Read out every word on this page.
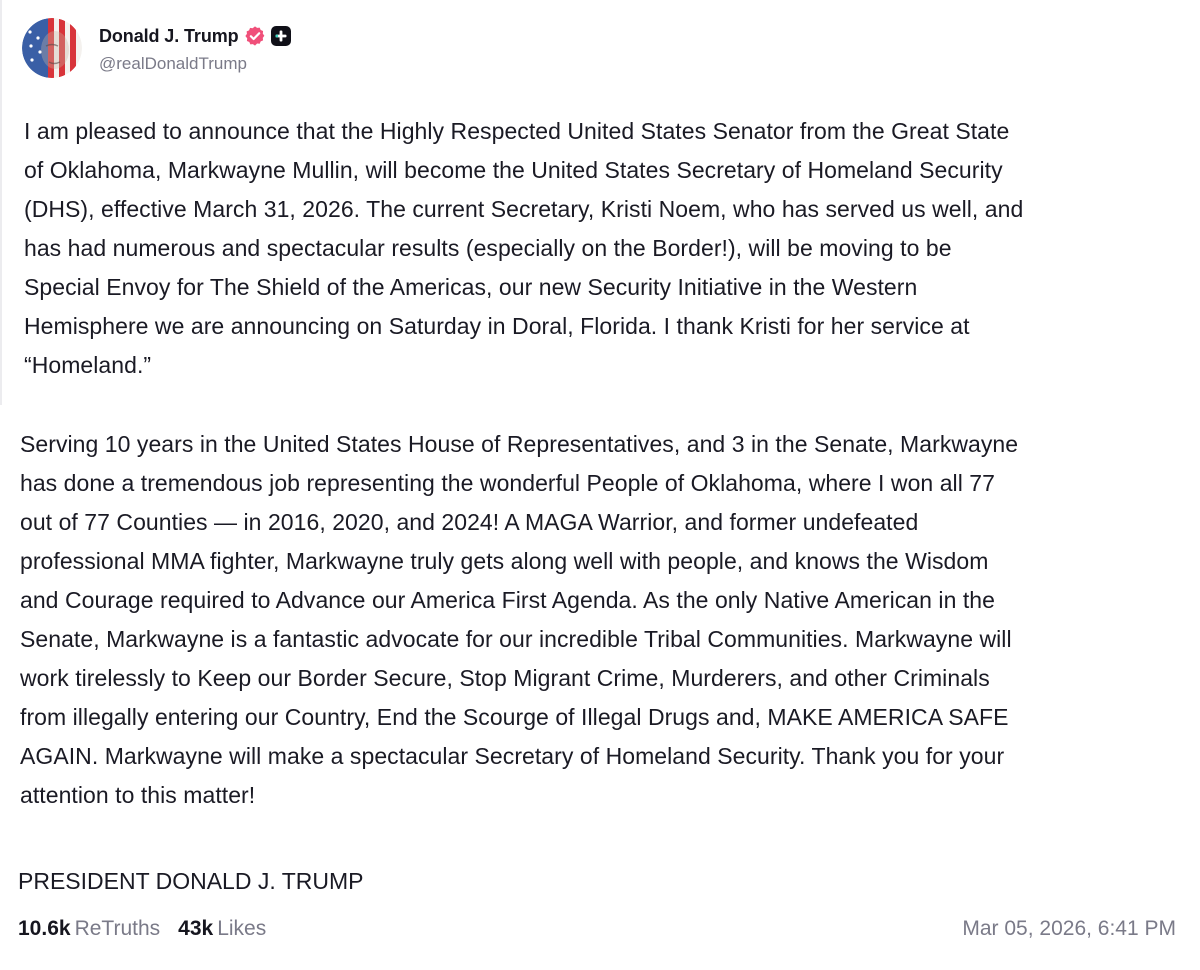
Donald J. Trump
@realDonaldTrump

I am pleased to announce that the Highly Respected United States Senator from the Great State
of Oklahoma, Markwayne Mullin, will become the United States Secretary of Homeland Security
(DHS), effective March 31, 2026. The current Secretary, Kristi Noem, who has served us well, and
has had numerous and spectacular results (especially on the Border!), will be moving to be
Special Envoy for The Shield of the Americas, our new Security Initiative in the Western
Hemisphere we are announcing on Saturday in Doral, Florida. I thank Kristi for her service at
“Homeland.”

Serving 10 years in the United States House of Representatives, and 3 in the Senate, Markwayne
has done a tremendous job representing the wonderful People of Oklahoma, where I won all 77
out of 77 Counties — in 2016, 2020, and 2024! A MAGA Warrior, and former undefeated
professional MMA fighter, Markwayne truly gets along well with people, and knows the Wisdom
and Courage required to Advance our America First Agenda. As the only Native American in the
Senate, Markwayne is a fantastic advocate for our incredible Tribal Communities. Markwayne will
work tirelessly to Keep our Border Secure, Stop Migrant Crime, Murderers, and other Criminals
from illegally entering our Country, End the Scourge of Illegal Drugs and, MAKE AMERICA SAFE
AGAIN. Markwayne will make a spectacular Secretary of Homeland Security. Thank you for your
attention to this matter!

PRESIDENT DONALD J. TRUMP
10.6k ReTruths 43k Likes	Mar 05, 2026, 6:41 PM
